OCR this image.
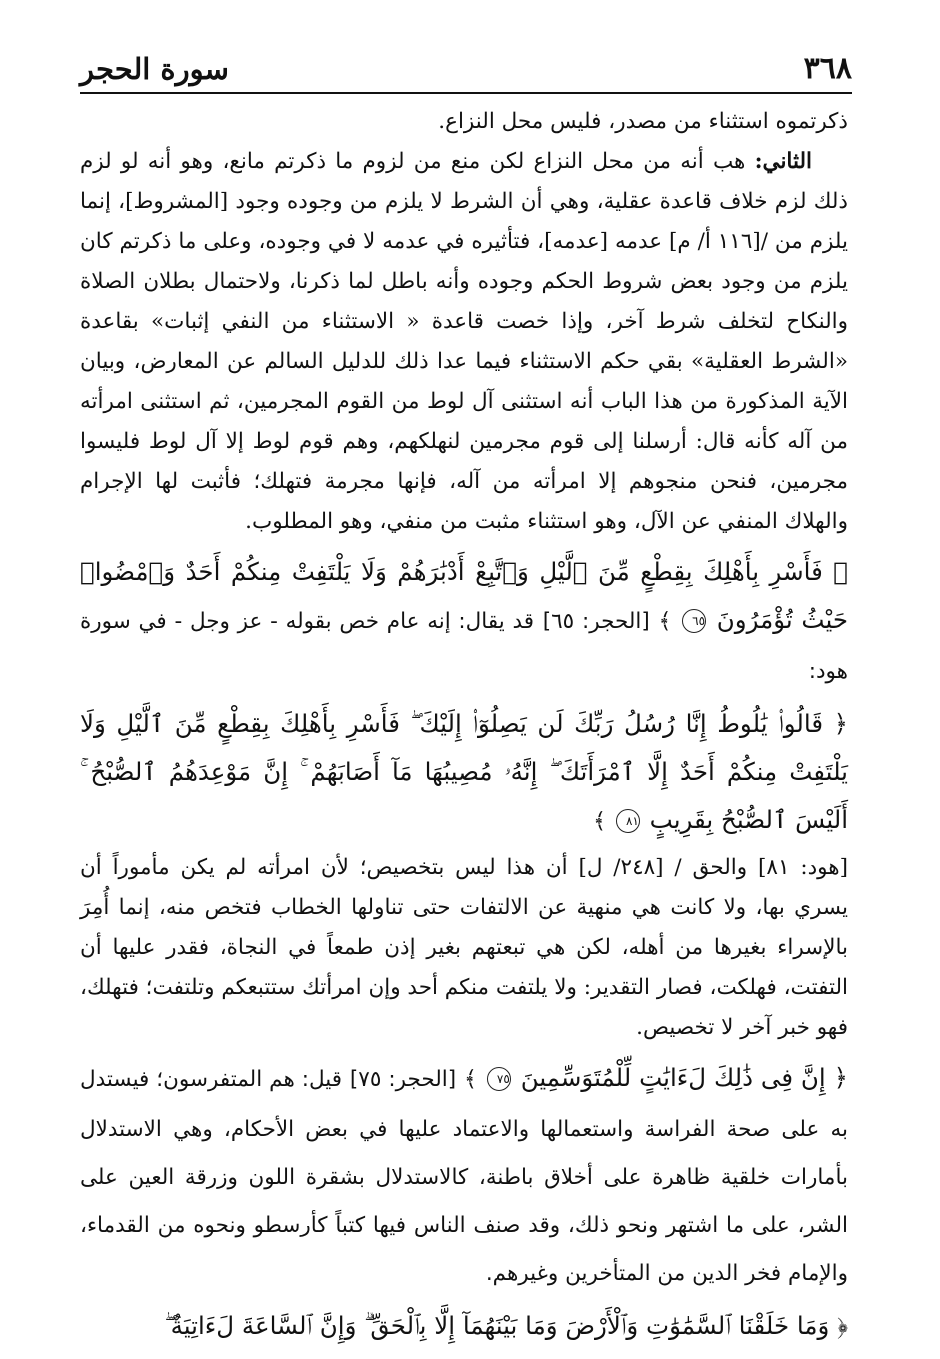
٣٦٨
سورة الحجر

ذكرتموه استثناء من مصدر، فليس محل النزاع.

الثاني: هب أنه من محل النزاع لكن منع من لزوم ما ذكرتم مانع، وهو أنه لو لزم ذلك لزم خلاف قاعدة عقلية، وهي أن الشرط لا يلزم من وجوده وجود [المشروط]، إنما يلزم من /[١١٦ أ/ م] عدمه [عدمه]، فتأثيره في عدمه لا في وجوده، وعلى ما ذكرتم كان يلزم من وجود بعض شروط الحكم وجوده وأنه باطل لما ذكرنا، ولاحتمال بطلان الصلاة والنكاح لتخلف شرط آخر، وإذا خصت قاعدة « الاستثناء من النفي إثبات» بقاعدة «الشرط العقلية» بقي حكم الاستثناء فيما عدا ذلك للدليل السالم عن المعارض، وبيان الآية المذكورة من هذا الباب أنه استثنى آل لوط من القوم المجرمين، ثم استثنى امرأته من آله كأنه قال: أرسلنا إلى قوم مجرمين لنهلكهم، وهم قوم لوط إلا آل لوط فليسوا مجرمين، فنحن منجوهم إلا امرأته من آله، فإنها مجرمة فتهلك؛ فأثبت لها الإجرام والهلاك المنفي عن الآل، وهو استثناء مثبت من منفي، وهو المطلوب.

﴿ فَأَسْرِ بِأَهْلِكَ بِقِطْعٍ مِّنَ ٱلَّيْلِ وَٱتَّبِعْ أَدْبَٰرَهُمْ وَلَا يَلْتَفِتْ مِنكُمْ أَحَدٌ وَٱمْضُوا۟ حَيْثُ تُؤْمَرُونَ ٦٥ ﴾ [الحجر: ٦٥] قد يقال: إنه عام خص بقوله - عز وجل - في سورة هود:

﴿ قَالُوا۟ يَٰلُوطُ إِنَّا رُسُلُ رَبِّكَ لَن يَصِلُوٓا۟ إِلَيْكَ ۖ فَأَسْرِ بِأَهْلِكَ بِقِطْعٍ مِّنَ ٱلَّيْلِ وَلَا يَلْتَفِتْ مِنكُمْ أَحَدٌ إِلَّا ٱمْرَأَتَكَ ۖ إِنَّهُۥ مُصِيبُهَا مَآ أَصَابَهُمْ ۚ إِنَّ مَوْعِدَهُمُ ٱلصُّبْحُ ۚ أَلَيْسَ ٱلصُّبْحُ بِقَرِيبٍ ٨١ ﴾

[هود: ٨١] والحق / [٢٤٨/ ل] أن هذا ليس بتخصيص؛ لأن امرأته لم يكن مأموراً أن يسري بها، ولا كانت هي منهية عن الالتفات حتى تناولها الخطاب فتخص منه، إنما أُمِرَ بالإسراء بغيرها من أهله، لكن هي تبعتهم بغير إذن طمعاً في النجاة، فقدر عليها أن التفتت، فهلكت، فصار التقدير: ولا يلتفت منكم أحد وإن امرأتك ستتبعكم وتلتفت؛ فتهلك، فهو خبر آخر لا تخصيص.

﴿ إِنَّ فِى ذَٰلِكَ لَءَايَٰتٍ لِّلْمُتَوَسِّمِينَ ٧٥ ﴾ [الحجر: ٧٥] قيل: هم المتفرسون؛ فيستدل به على صحة الفراسة واستعمالها والاعتماد عليها في بعض الأحكام، وهي الاستدلال بأمارات خلقية ظاهرة على أخلاق باطنة، كالاستدلال بشقرة اللون وزرقة العين على الشر، على ما اشتهر ونحو ذلك، وقد صنف الناس فيها كتباً كأرسطو ونحوه من القدماء، والإمام فخر الدين من المتأخرين وغيرهم.

﴿ وَمَا خَلَقْنَا ٱلسَّمَٰوَٰتِ وَٱلْأَرْضَ وَمَا بَيْنَهُمَآ إِلَّا بِٱلْحَقِّ ۗ وَإِنَّ ٱلسَّاعَةَ لَءَاتِيَةٌ ۖ
